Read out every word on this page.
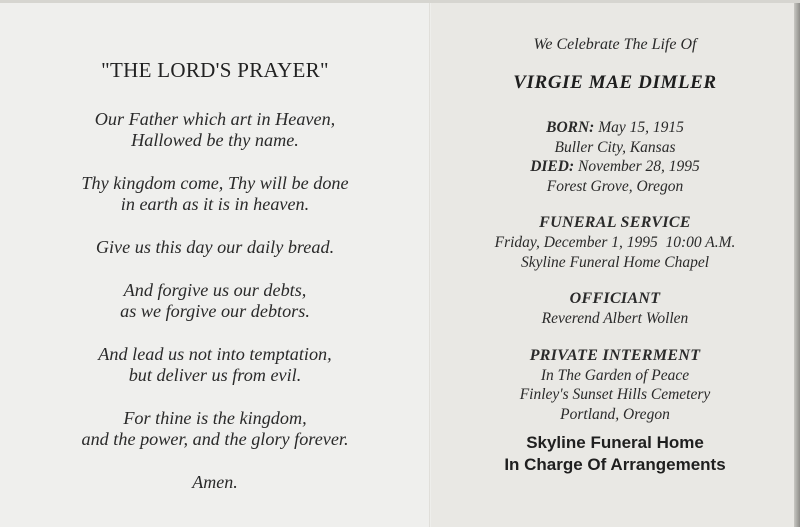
"THE LORD'S PRAYER"
Our Father which art in Heaven,
Hallowed be thy name.
Thy kingdom come, Thy will be done
in earth as it is in heaven.
Give us this day our daily bread.
And forgive us our debts,
as we forgive our debtors.
And lead us not into temptation,
but deliver us from evil.
For thine is the kingdom,
and the power, and the glory forever.
Amen.
We Celebrate The Life Of
VIRGIE MAE DIMLER
BORN: May 15, 1915
Buller City, Kansas
DIED: November 28, 1995
Forest Grove, Oregon
FUNERAL SERVICE
Friday, December 1, 1995  10:00 A.M.
Skyline Funeral Home Chapel
OFFICIANT
Reverend Albert Wollen
PRIVATE INTERMENT
In The Garden of Peace
Finley's Sunset Hills Cemetery
Portland, Oregon
Skyline Funeral Home
In Charge Of Arrangements
